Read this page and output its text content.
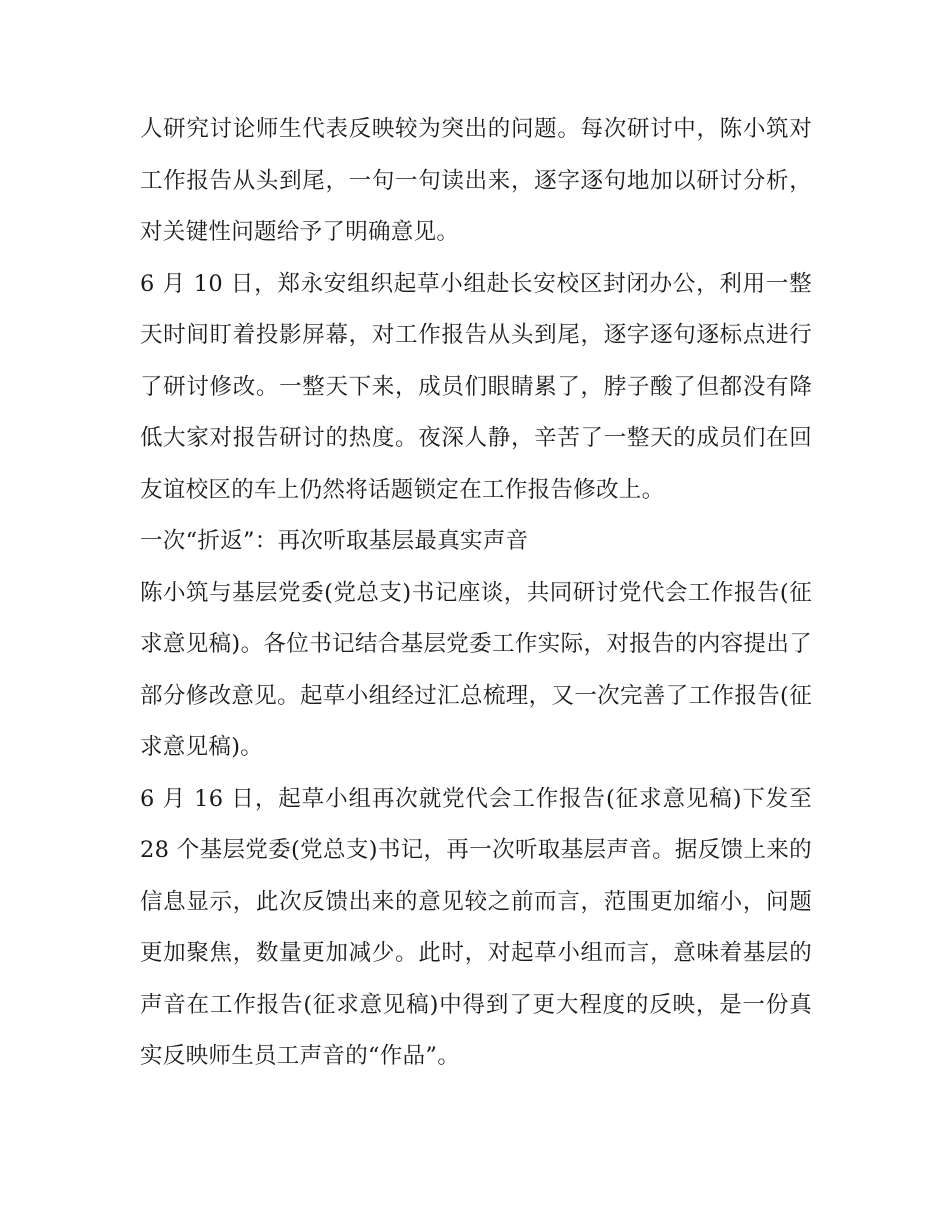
人研究讨论师生代表反映较为突出的问题。每次研讨中，陈小筑对工作报告从头到尾，一句一句读出来，逐字逐句地加以研讨分析，对关键性问题给予了明确意见。

6 月 10 日，郑永安组织起草小组赴长安校区封闭办公，利用一整天时间盯着投影屏幕，对工作报告从头到尾，逐字逐句逐标点进行了研讨修改。一整天下来，成员们眼睛累了，脖子酸了但都没有降低大家对报告研讨的热度。夜深人静，辛苦了一整天的成员们在回友谊校区的车上仍然将话题锁定在工作报告修改上。

一次“折返”：再次听取基层最真实声音

陈小筑与基层党委(党总支)书记座谈，共同研讨党代会工作报告(征求意见稿)。各位书记结合基层党委工作实际，对报告的内容提出了部分修改意见。起草小组经过汇总梳理，又一次完善了工作报告(征求意见稿)。

6 月 16 日，起草小组再次就党代会工作报告(征求意见稿)下发至 28 个基层党委(党总支)书记，再一次听取基层声音。据反馈上来的信息显示，此次反馈出来的意见较之前而言，范围更加缩小，问题更加聚焦，数量更加减少。此时，对起草小组而言，意味着基层的声音在工作报告(征求意见稿)中得到了更大程度的反映，是一份真实反映师生员工声音的“作品”。
